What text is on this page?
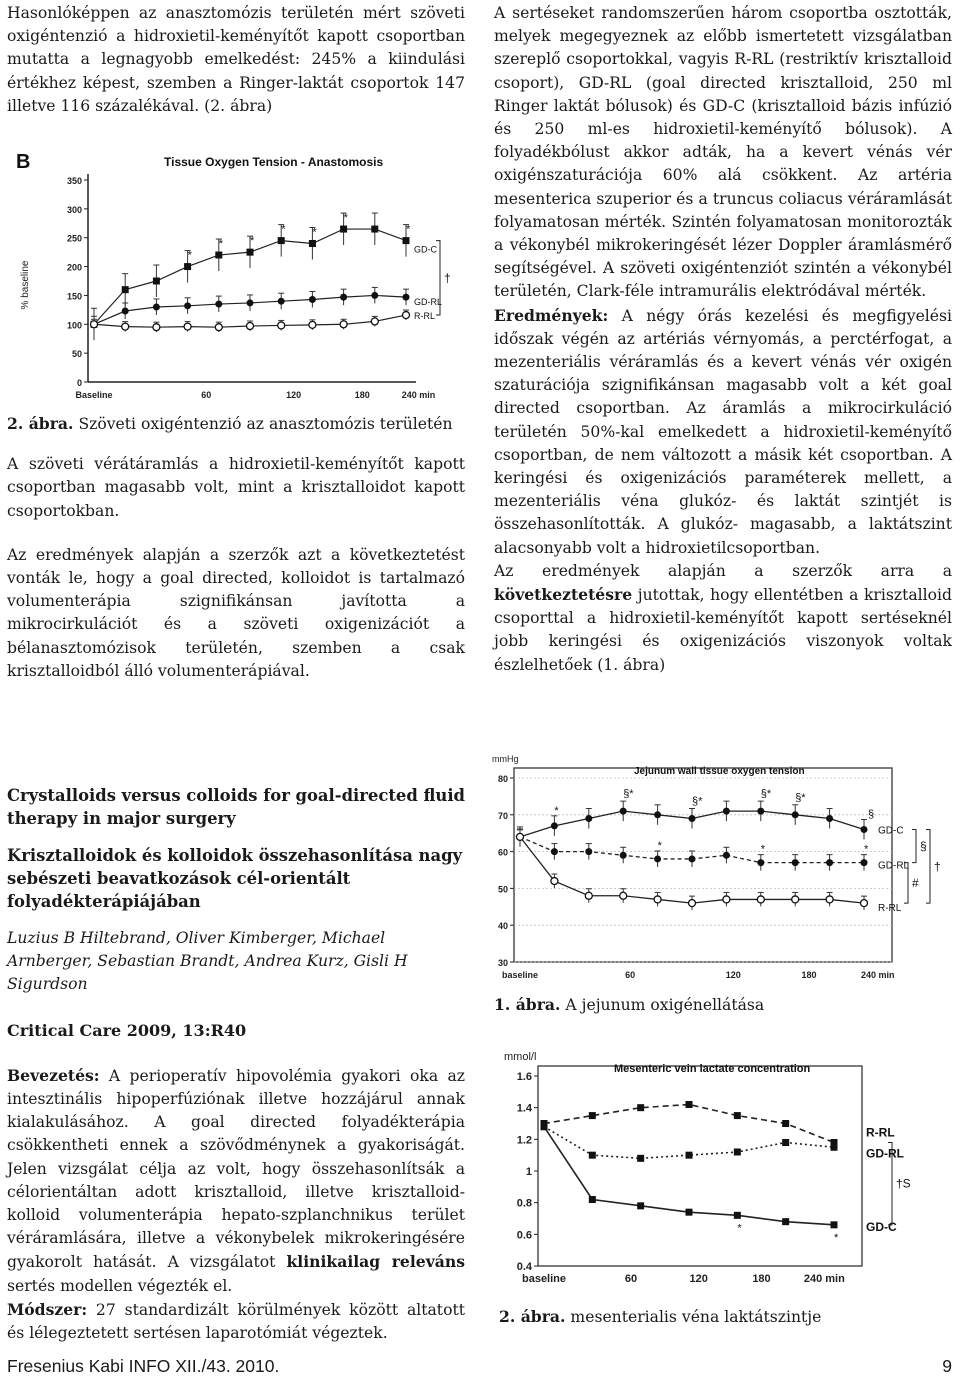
Hasonlóképpen az anasztomózis területén mért szöveti oxigéntenzió a hidroxietil-keményítőt kapott csoportban mutatta a legnagyobb emelkedést: 245% a kiindulási értékhez képest, szemben a Ringer-laktát csoportok 147 illetve 116 százalékával. (2. ábra)

0
50
100
150
200
250
300
350
Baseline	60	120	180	240 min
Tissue Oxygen Tension - Anastomosis
% baseline
B
GD-C
GD-RL
R-RL
*
* *
* *
*
*
†

2. ábra. Szöveti oxigéntenzió az anasztomózis területén

A szöveti vérátáramlás a hidroxietil-keményítőt kapott csoportban magasabb volt, mint a krisztalloidot kapott csoportokban.

Az eredmények alapján a szerzők azt a következtetést vonták le, hogy a goal directed, kolloidot is tartalmazó volumenterápia szignifikánsan javította a mikrocirkulációt és a szöveti oxigenizációt a bélanasztomózisok területén, szemben a csak krisztalloidból álló volumenterápiával.

Crystalloids versus colloids for goal-directed fluid therapy in major surgery

Krisztalloidok és kolloidok összehasonlítása nagy sebészeti beavatkozások cél-orientált folyadékterápiájában

Luzius B Hiltebrand, Oliver Kimberger, Michael Arnberger, Sebastian Brandt, Andrea Kurz, Gisli H Sigurdson

Critical Care 2009, 13:R40

Bevezetés: A perioperatív hipovolémia gyakori oka az intesztinális hipoperfúziónak illetve hozzájárul annak kialakulásához. A goal directed folyadékterápia csökkentheti ennek a szövődménynek a gyakoriságát. Jelen vizsgálat célja az volt, hogy összehasonlítsák a célorientáltan adott krisztalloid, illetve krisztalloid-kolloid volumenterápia hepato-szplanchnikus terület véráramlására, illetve a vékonybelek mikrokeringésére gyakorolt hatását. A vizsgálatot klinikailag releváns sertés modellen végezték el.

Módszer: 27 standardizált körülmények között altatott és lélegeztetett sertésen laparotómiát végeztek.

A sertéseket randomszerűen három csoportba osztották, melyek megegyeznek az előbb ismertetett vizsgálatban szereplő csoportokkal, vagyis R-RL (restriktív krisztalloid csoport), GD-RL (goal directed krisztalloid, 250 ml Ringer laktát bólusok) és GD-C (krisztalloid bázis infúzió és 250 ml-es hidroxietil-keményítő bólusok). A folyadékbólust akkor adták, ha a kevert vénás vér oxigénszaturációja 60% alá csökkent. Az artéria mesenterica szuperior és a truncus coliacus véráramlását folyamatosan mérték. Szintén folyamatosan monitorozták a vékonybél mikrokeringését lézer Doppler áramlásmérő segítségével. A szöveti oxigéntenziót szintén a vékonybél területén, Clark-féle intramurális elektródával mérték.

Eredmények: A négy órás kezelési és megfigyelési időszak végén az artériás vérnyomás, a perctérfogat, a mezenteriális véráramlás és a kevert vénás vér oxigén szaturációja szignifikánsan magasabb volt a két goal directed csoportban. Az áramlás a mikrocirkuláció területén 50%-kal emelkedett a hidroxietil-keményítő csoportban, de nem változott a másik két csoportban. A keringési és oxigenizációs paraméterek mellett, a mezenteriális véna glukóz- és laktát szintjét is összehasonlították. A glukóz- magasabb, a laktátszint alacsonyabb volt a hidroxietilcsoportban.

Az eredmények alapján a szerzők arra a következtetésre jutottak, hogy ellentétben a krisztalloid csoporttal a hidroxietil-keményítőt kapott sertéseknél jobb keringési és oxigenizációs viszonyok voltak észlelhetőek (1. ábra)

30
40
50
60
70
80
baseline	60	120	180	240 min
Jejunum wall tissue oxygen tension
mmHg
GD-C
GD-RL
R-RL
*
§*
§*
§* §*
§
*	*	*	§
†
#
1. ábra. A jejunum oxigénellátása
0.4
0.6
0.8
1
1.2
1.4
1.6
baseline	60	120	180	240 min
Mesenteric vein lactate concentration
mmol/l
R-RL
GD-RL
GD-C
*
*
†S
2. ábra. mesenterialis véna laktátszintje
Fresenius Kabi INFO XII./43. 2010.	9
